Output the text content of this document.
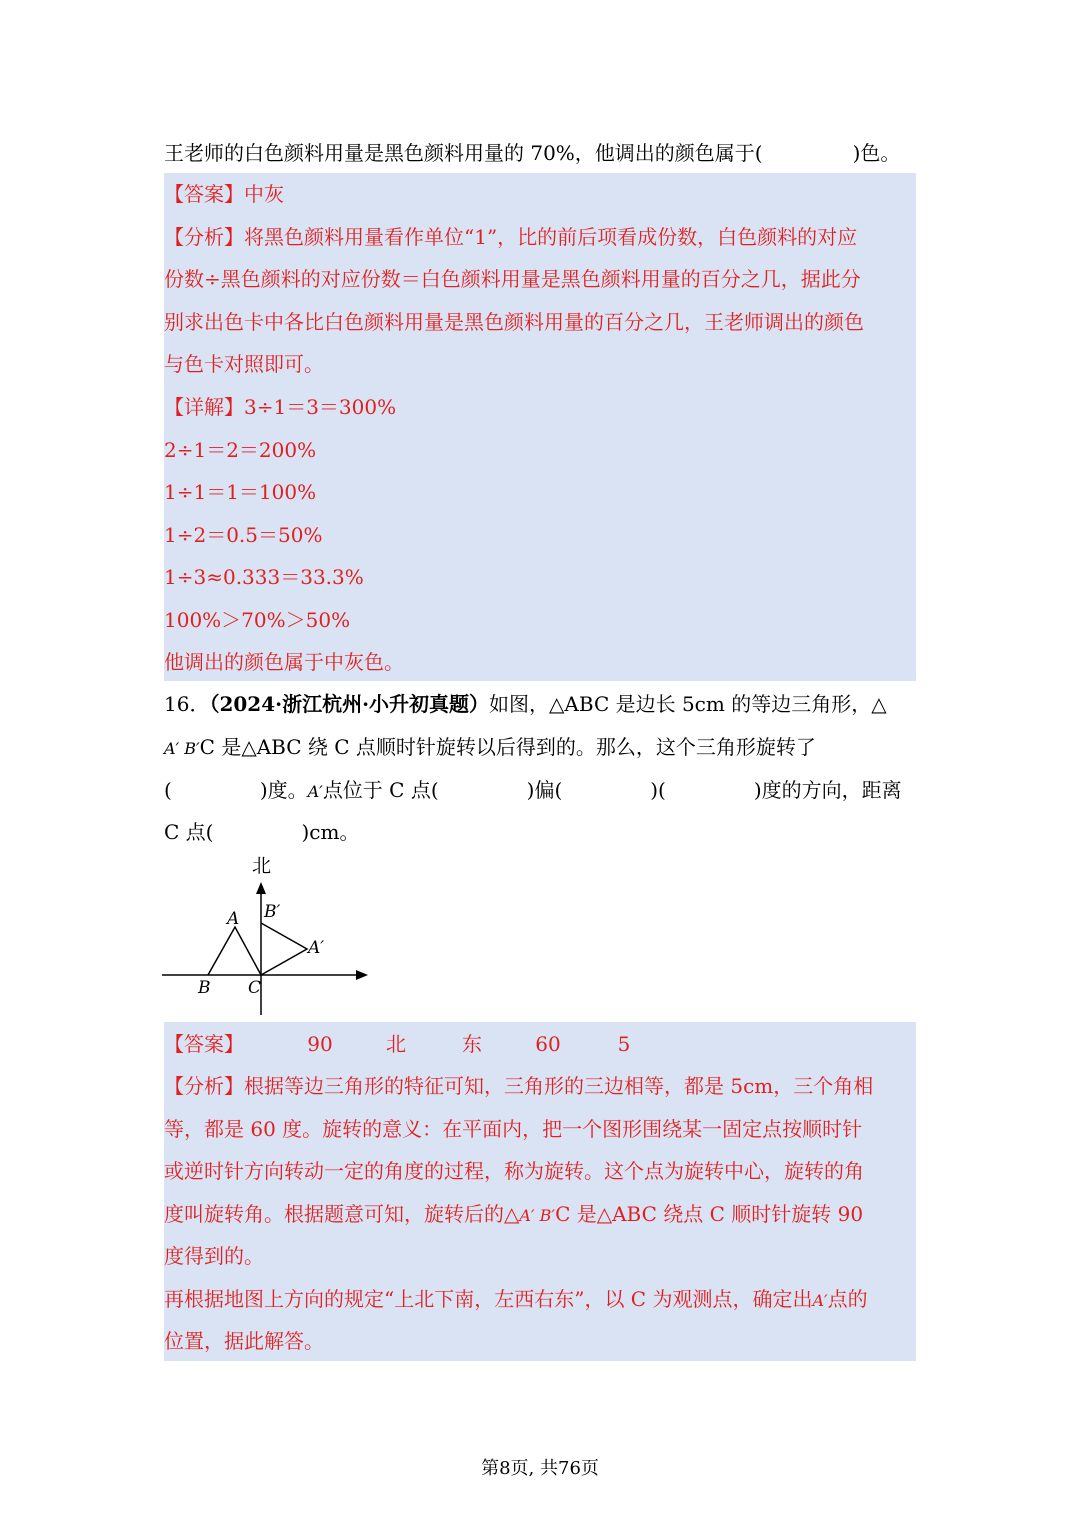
王老师的白色颜料用量是黑色颜料用量的 70%，他调出的颜色属于(	)色。
【答案】中灰
【分析】将黑色颜料用量看作单位“1”，比的前后项看成份数，白色颜料的对应
份数÷黑色颜料的对应份数＝白色颜料用量是黑色颜料用量的百分之几，据此分
别求出色卡中各比白色颜料用量是黑色颜料用量的百分之几，王老师调出的颜色
与色卡对照即可。
【详解】3÷1＝3＝300%
2÷1＝2＝200%
1÷1＝1＝100%
1÷2＝0.5＝50%
1÷3≈0.333＝33.3%
100%＞70%＞50%
他调出的颜色属于中灰色。
16．（2024·浙江杭州·小升初真题）如图，△ABC 是边长 5cm 的等边三角形，△
A′ B′C 是△ABC 绕 C 点顺时针旋转以后得到的。那么，这个三角形旋转了
(	)度。A′点位于 C 点(	)偏(	)(	)度的方向，距离
C 点(	)cm。
北
A
B C
B′
A′
【答案】	90	北	东	60	5
【分析】根据等边三角形的特征可知，三角形的三边相等，都是 5cm，三个角相
等，都是 60 度。旋转的意义：在平面内，把一个图形围绕某一固定点按顺时针
或逆时针方向转动一定的角度的过程，称为旋转。这个点为旋转中心，旋转的角
度叫旋转角。根据题意可知，旋转后的△A′ B′C 是△ABC 绕点 C 顺时针旋转 90
度得到的。
再根据地图上方向的规定“上北下南，左西右东”，以 C 为观测点，确定出A′点的
位置，据此解答。
第8页, 共76页
